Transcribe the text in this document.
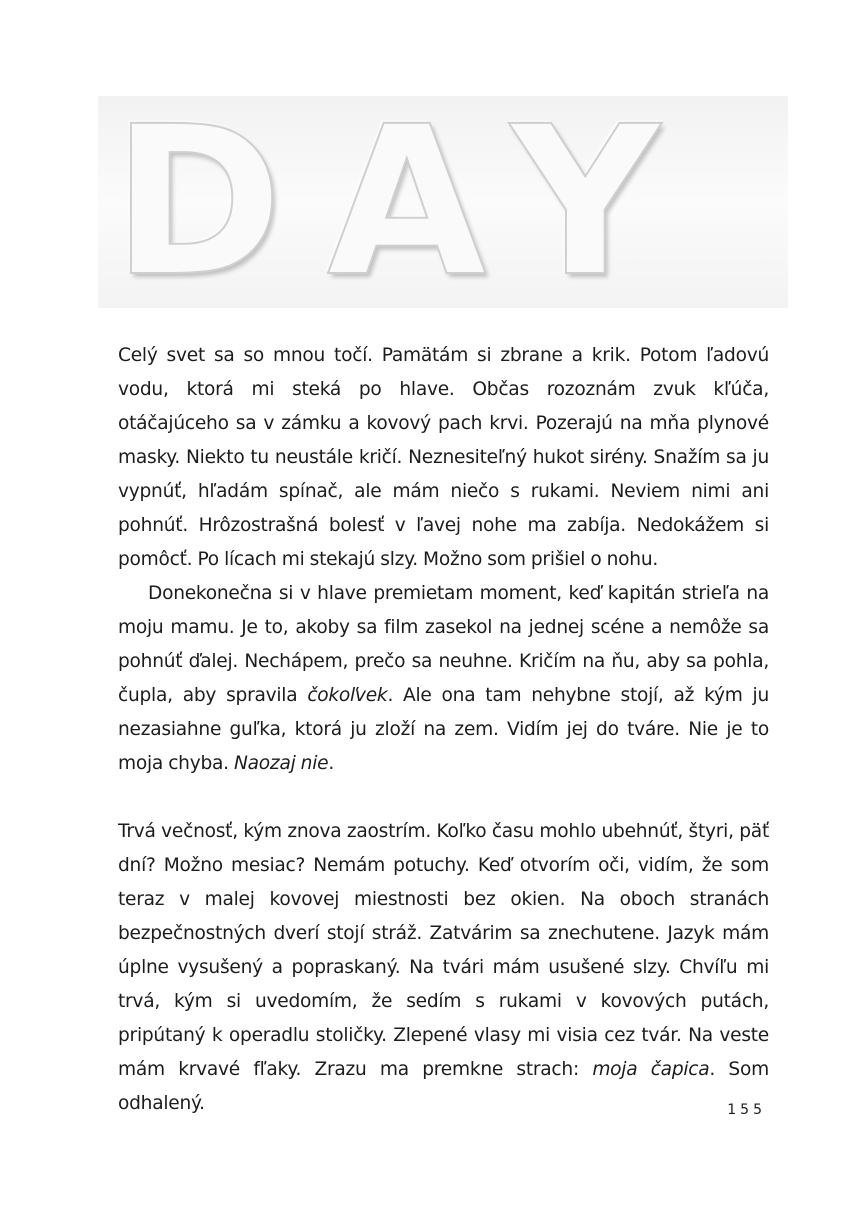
DAY

Celý svet sa so mnou točí. Pamätám si zbrane a krik. Potom ľadovú vodu, ktorá mi steká po hlave. Občas rozoznám zvuk kľúča, otáčajúceho sa v zámku a kovový pach krvi. Pozerajú na mňa plynové masky. Niekto tu neustále kričí. Neznesiteľný hukot sirény. Snažím sa ju vypnúť, hľadám spínač, ale mám niečo s rukami. Neviem nimi ani pohnúť. Hrôzostrašná bolesť v ľavej nohe ma zabíja. Nedokážem si pomôcť. Po lícach mi stekajú slzy. Možno som prišiel o nohu.

Donekonečna si v hlave premietam moment, keď kapitán strieľa na moju mamu. Je to, akoby sa film zasekol na jednej scéne a nemôže sa pohnúť ďalej. Nechápem, prečo sa neuhne. Kričím na ňu, aby sa pohla, čupla, aby spravila čokoľvek. Ale ona tam nehybne stojí, až kým ju nezasiahne guľka, ktorá ju zloží na zem. Vidím jej do tváre. Nie je to moja chyba. Naozaj nie.

Trvá večnosť, kým znova zaostrím. Koľko času mohlo ubehnúť, štyri, päť dní? Možno mesiac? Nemám potuchy. Keď otvorím oči, vidím, že som teraz v malej kovovej miestnosti bez okien. Na oboch stranách bezpečnostných dverí stojí stráž. Zatvárim sa znechutene. Jazyk mám úplne vysušený a popraskaný. Na tvári mám usušené slzy. Chvíľu mi trvá, kým si uvedomím, že sedím s rukami v kovových putách, pripútaný k operadlu stoličky. Zlepené vlasy mi visia cez tvár. Na veste mám krvavé fľaky. Zrazu ma premkne strach: moja čapica. Som odhalený.	155
